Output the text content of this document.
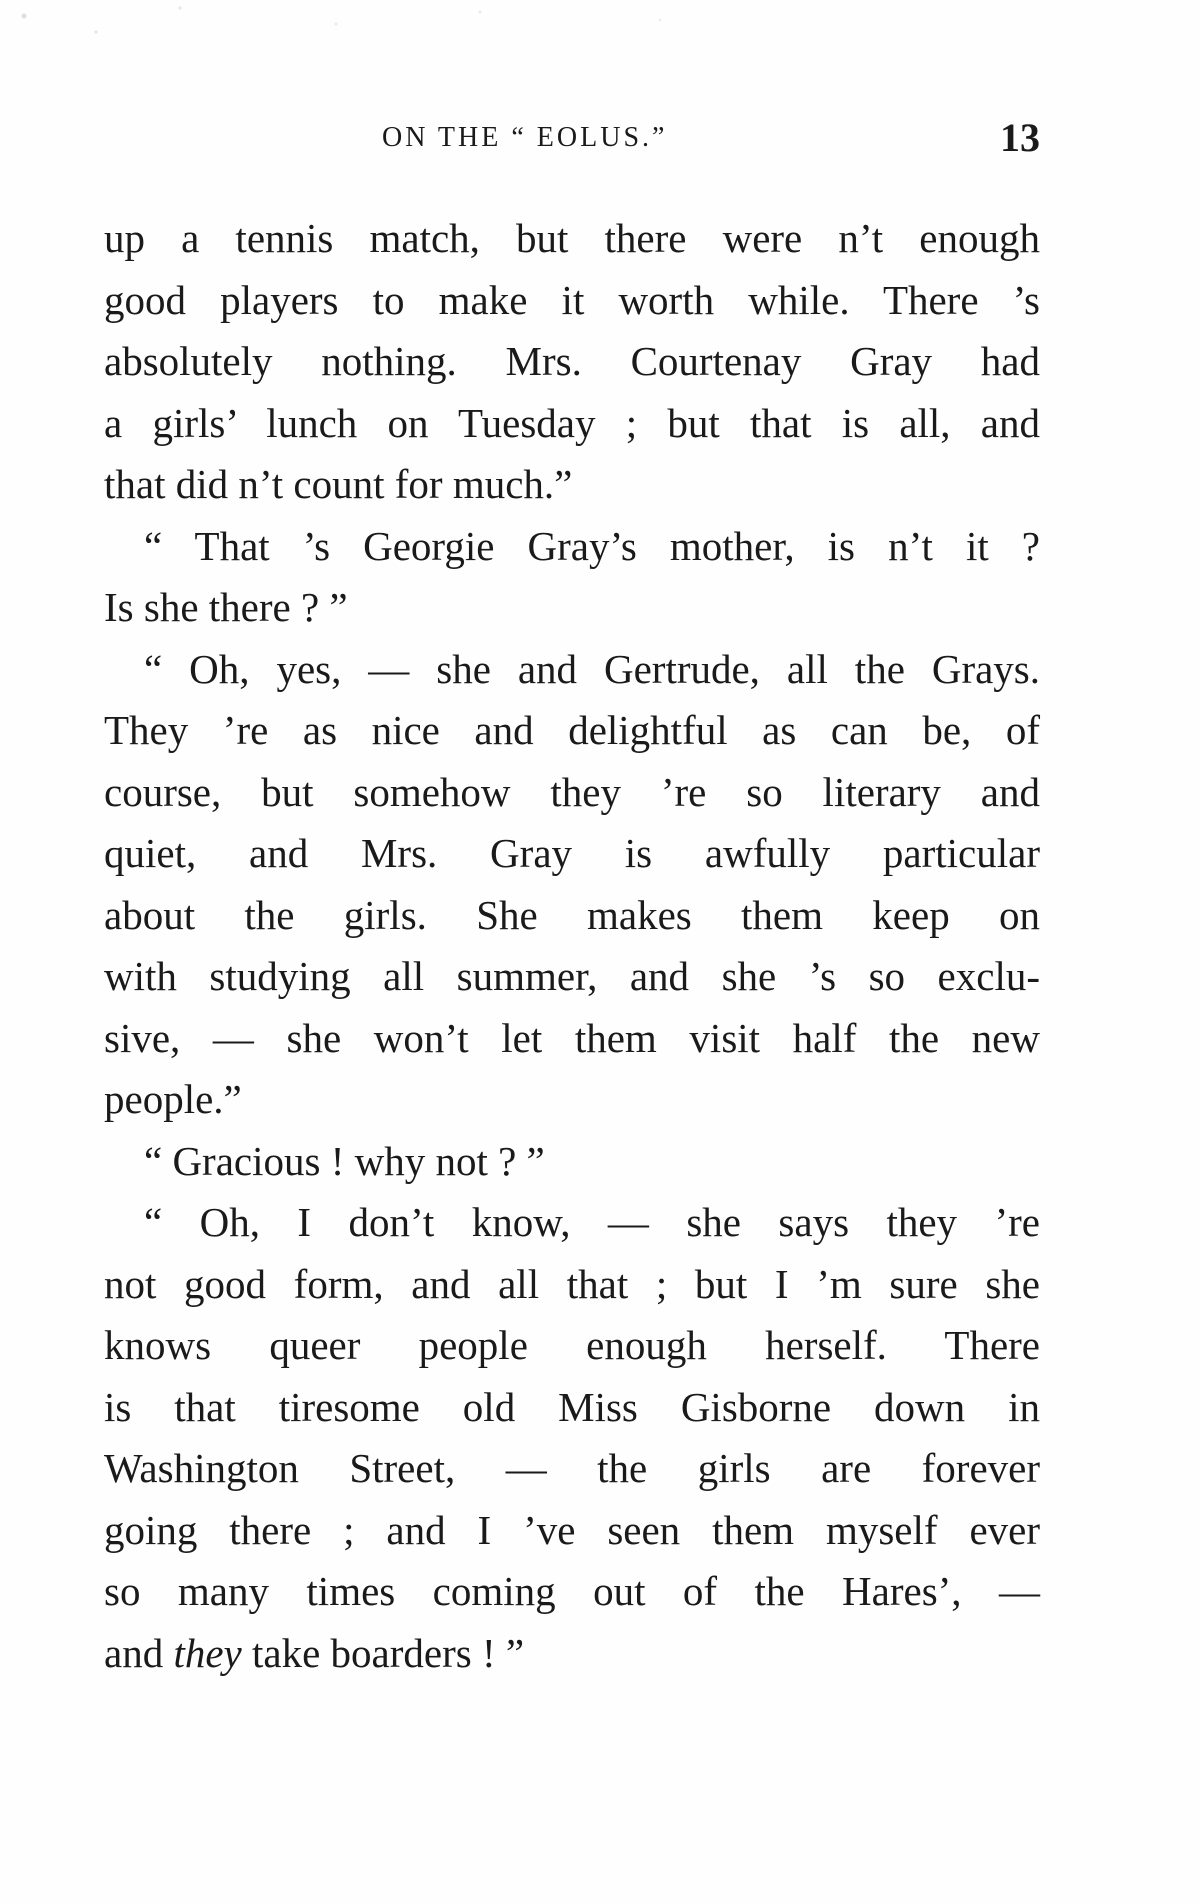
ON THE “ EOLUS.”	13
up a tennis match, but there were n’t enough
good players to make it worth while. There ’s
absolutely nothing. Mrs. Courtenay Gray had
a girls’ lunch on Tuesday ; but that is all, and
that did n’t count for much.”
“ That ’s Georgie Gray’s mother, is n’t it ?
Is she there ? ”
“ Oh, yes, — she and Gertrude, all the Grays.
They ’re as nice and delightful as can be, of
course, but somehow they ’re so literary and
quiet, and Mrs. Gray is awfully particular
about the girls. She makes them keep on
with studying all summer, and she ’s so exclu-
sive, — she won’t let them visit half the new
people.”
“ Gracious ! why not ? ”
“ Oh, I don’t know, — she says they ’re
not good form, and all that ; but I ’m sure she
knows queer people enough herself. There
is that tiresome old Miss Gisborne down in
Washington Street, — the girls are forever
going there ; and I ’ve seen them myself ever
so many times coming out of the Hares’, —
and they take boarders ! ”
